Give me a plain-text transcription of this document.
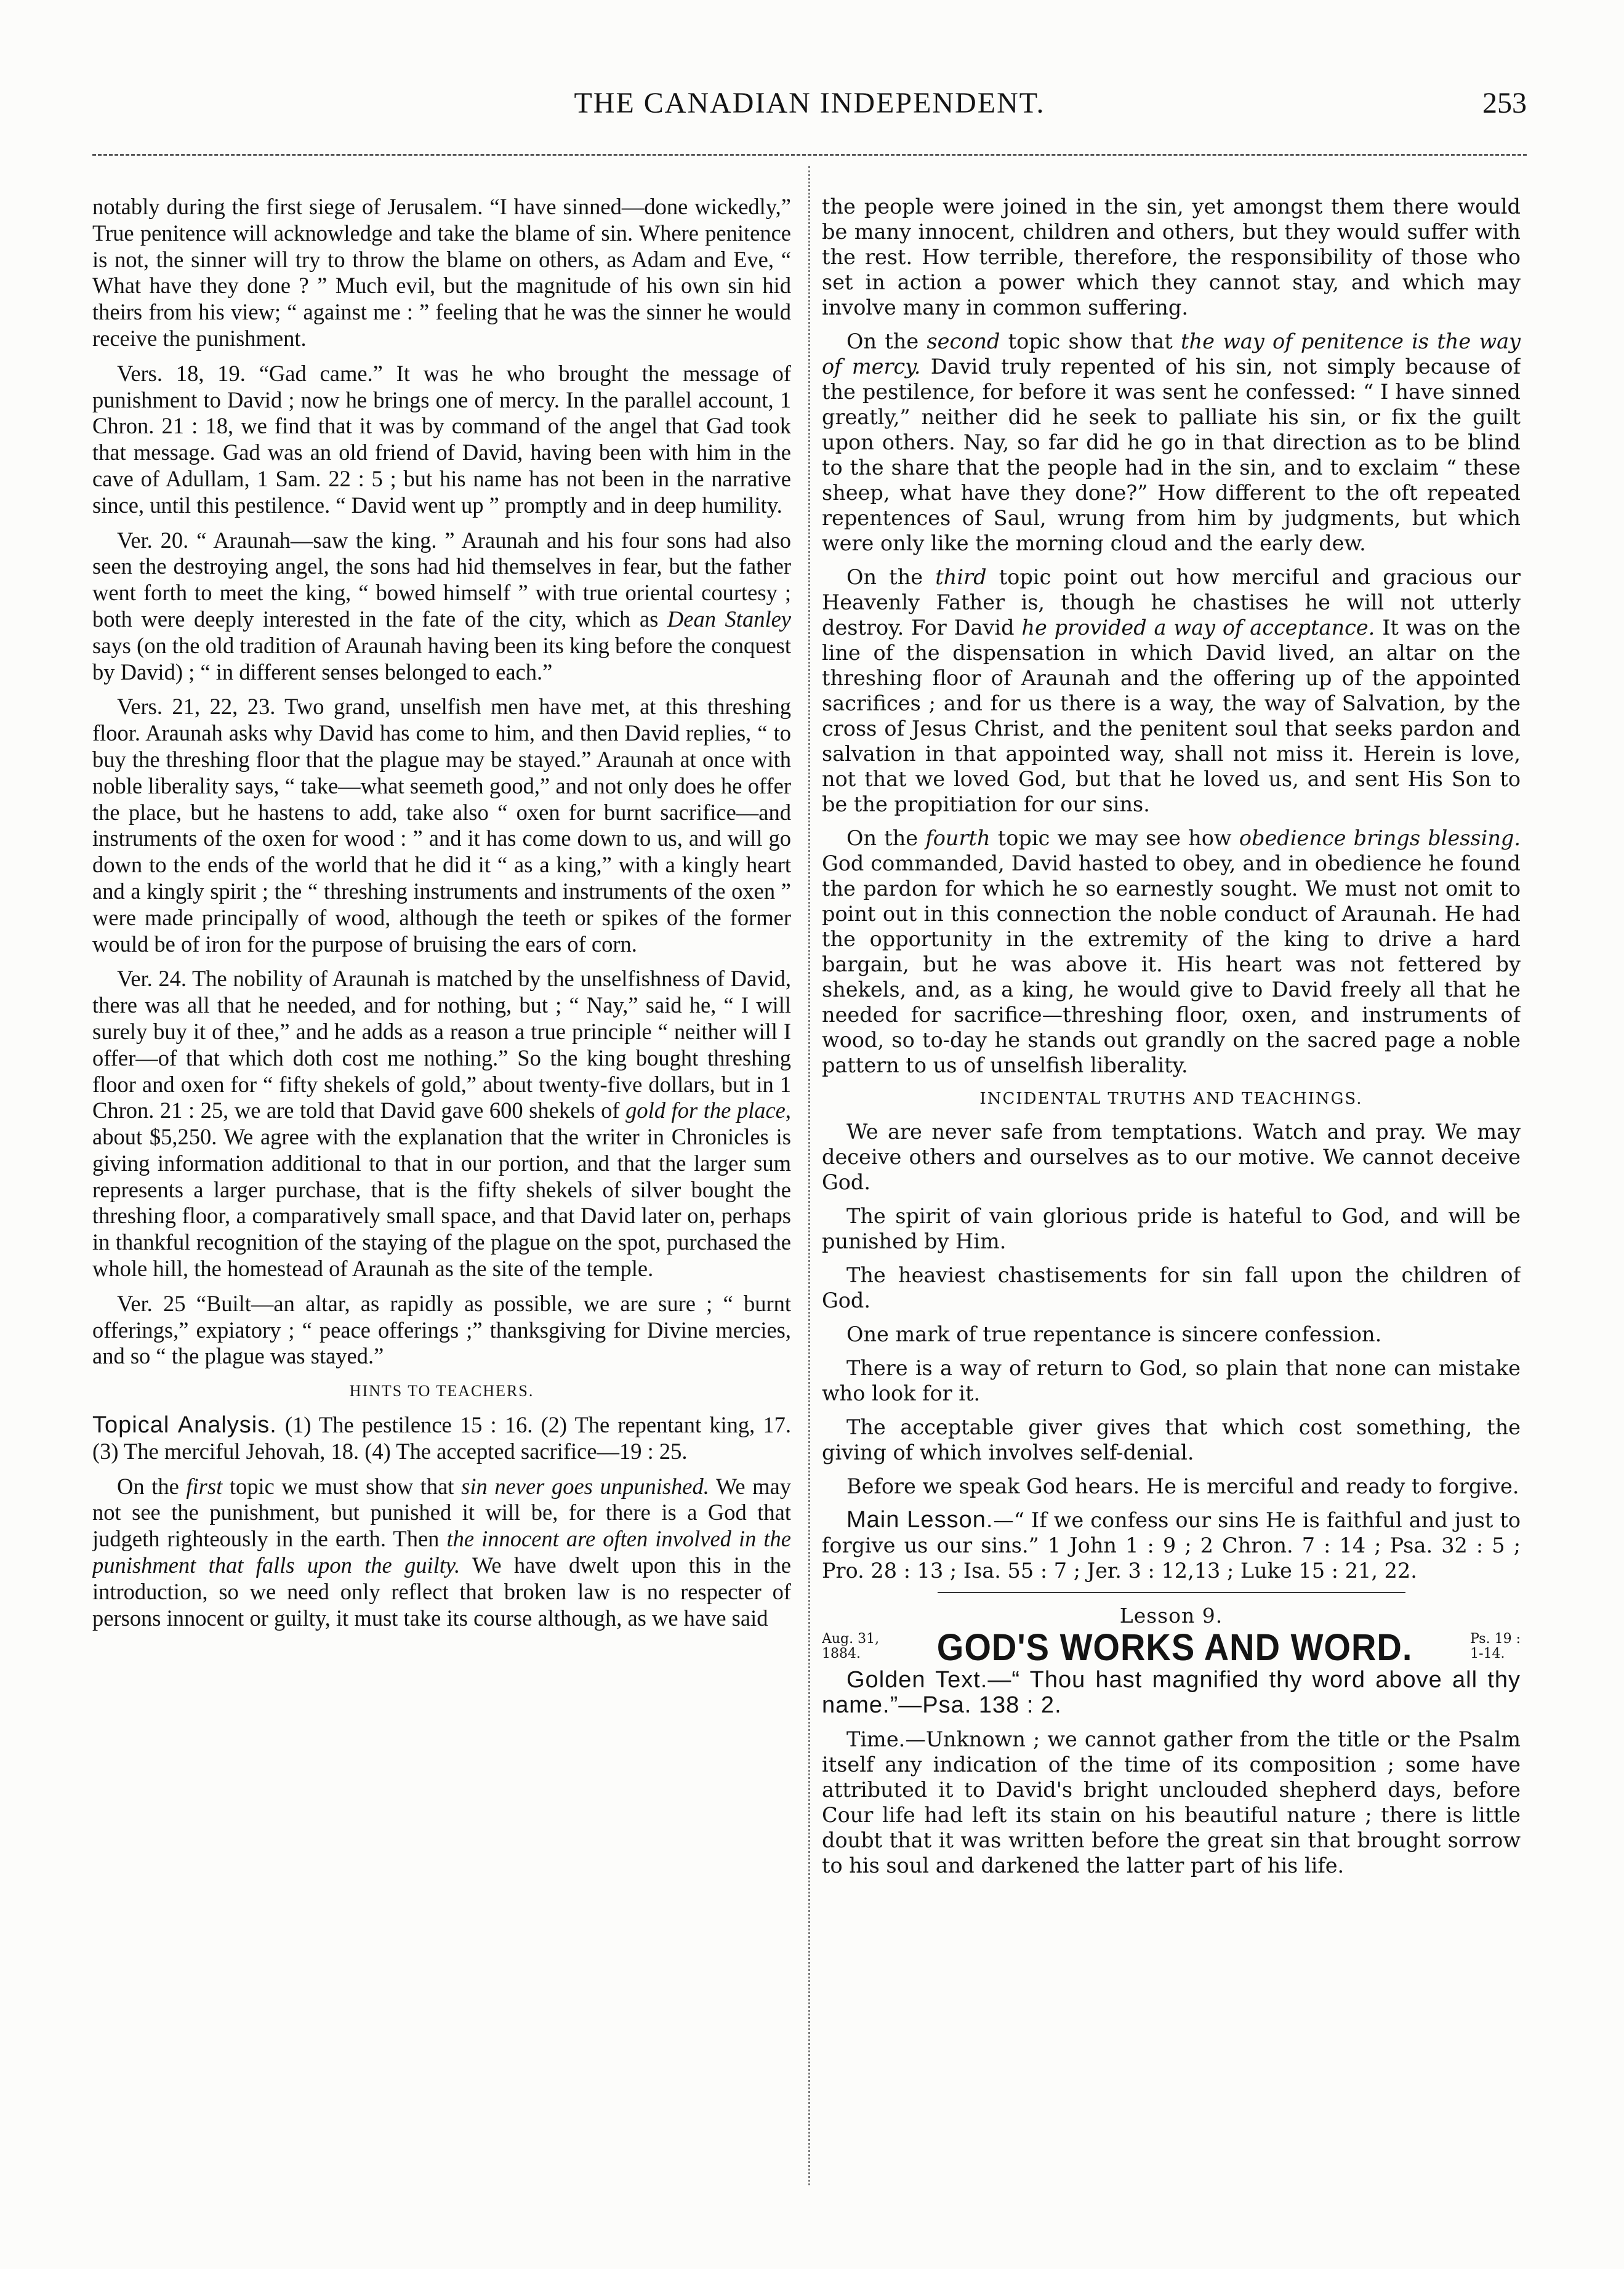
THE CANADIAN INDEPENDENT.	253

notably during the first siege of Jerusalem. “I have sinned—done wickedly,” True penitence will acknowledge and take the blame of sin. Where penitence is not, the sinner will try to throw the blame on others, as Adam and Eve, “ What have they done ? ” Much evil, but the magnitude of his own sin hid theirs from his view; “ against me : ” feeling that he was the sinner he would receive the punishment.

Vers. 18, 19. “Gad came.” It was he who brought the message of punishment to David ; now he brings one of mercy. In the parallel account, 1 Chron. 21 : 18, we find that it was by command of the angel that Gad took that message. Gad was an old friend of David, having been with him in the cave of Adullam, 1 Sam. 22 : 5 ; but his name has not been in the narrative since, until this pestilence. “ David went up ” promptly and in deep humility.

Ver. 20. “ Araunah—saw the king. ” Araunah and his four sons had also seen the destroying angel, the sons had hid themselves in fear, but the father went forth to meet the king, “ bowed himself ” with true oriental courtesy ; both were deeply interested in the fate of the city, which as Dean Stanley says (on the old tradition of Araunah having been its king before the conquest by David) ; “ in different senses belonged to each.”

Vers. 21, 22, 23. Two grand, unselfish men have met, at this threshing floor. Araunah asks why David has come to him, and then David replies, “ to buy the threshing floor that the plague may be stayed.” Araunah at once with noble liberality says, “ take—what seemeth good,” and not only does he offer the place, but he hastens to add, take also “ oxen for burnt sacrifice—and instruments of the oxen for wood : ” and it has come down to us, and will go down to the ends of the world that he did it “ as a king,” with a kingly heart and a kingly spirit ; the “ threshing instruments and instruments of the oxen ” were made principally of wood, although the teeth or spikes of the former would be of iron for the purpose of bruising the ears of corn.

Ver. 24. The nobility of Araunah is matched by the unselfishness of David, there was all that he needed, and for nothing, but ; “ Nay,” said he, “ I will surely buy it of thee,” and he adds as a reason a true principle “ neither will I offer—of that which doth cost me nothing.” So the king bought threshing floor and oxen for “ fifty shekels of gold,” about twenty-five dollars, but in 1 Chron. 21 : 25, we are told that David gave 600 shekels of gold for the place, about $5,250. We agree with the explanation that the writer in Chronicles is giving information additional to that in our portion, and that the larger sum represents a larger purchase, that is the fifty shekels of silver bought the threshing floor, a comparatively small space, and that David later on, perhaps in thankful recognition of the staying of the plague on the spot, purchased the whole hill, the homestead of Araunah as the site of the temple.

Ver. 25 “Built—an altar, as rapidly as possible, we are sure ; “ burnt offerings,” expiatory ; “ peace offerings ;” thanksgiving for Divine mercies, and so “ the plague was stayed.”

HINTS TO TEACHERS.

Topical Analysis. (1) The pestilence 15 : 16. (2) The repentant king, 17. (3) The merciful Jehovah, 18. (4) The accepted sacrifice—19 : 25.

On the first topic we must show that sin never goes unpunished. We may not see the punishment, but punished it will be, for there is a God that judgeth righteously in the earth. Then the innocent are often involved in the punishment that falls upon the guilty. We have dwelt upon this in the introduction, so we need only reflect that broken law is no respecter of persons innocent or guilty, it must take its course although, as we have said

the people were joined in the sin, yet amongst them there would be many innocent, children and others, but they would suffer with the rest. How terrible, therefore, the responsibility of those who set in action a power which they cannot stay, and which may involve many in common suffering.

On the second topic show that the way of penitence is the way of mercy. David truly repented of his sin, not simply because of the pestilence, for before it was sent he confessed: “ I have sinned greatly,” neither did he seek to palliate his sin, or fix the guilt upon others. Nay, so far did he go in that direction as to be blind to the share that the people had in the sin, and to exclaim “ these sheep, what have they done?” How different to the oft repeated repentences of Saul, wrung from him by judgments, but which were only like the morning cloud and the early dew.

On the third topic point out how merciful and gracious our Heavenly Father is, though he chastises he will not utterly destroy. For David he provided a way of acceptance. It was on the line of the dispensation in which David lived, an altar on the threshing floor of Araunah and the offering up of the appointed sacrifices ; and for us there is a way, the way of Salvation, by the cross of Jesus Christ, and the penitent soul that seeks pardon and salvation in that appointed way, shall not miss it. Herein is love, not that we loved God, but that he loved us, and sent His Son to be the propitiation for our sins.

On the fourth topic we may see how obedience brings blessing. God commanded, David hasted to obey, and in obedience he found the pardon for which he so earnestly sought. We must not omit to point out in this connection the noble conduct of Araunah. He had the opportunity in the extremity of the king to drive a hard bargain, but he was above it. His heart was not fettered by shekels, and, as a king, he would give to David freely all that he needed for sacrifice—threshing floor, oxen, and instruments of wood, so to-day he stands out grandly on the sacred page a noble pattern to us of unselfish liberality.

INCIDENTAL TRUTHS AND TEACHINGS.

We are never safe from temptations. Watch and pray. We may deceive others and ourselves as to our motive. We cannot deceive God.

The spirit of vain glorious pride is hateful to God, and will be punished by Him.

The heaviest chastisements for sin fall upon the children of God.

One mark of true repentance is sincere confession.

There is a way of return to God, so plain that none can mistake who look for it.

The acceptable giver gives that which cost something, the giving of which involves self-denial.

Before we speak God hears. He is merciful and ready to forgive.

Main Lesson.—“ If we confess our sins He is faithful and just to forgive us our sins.” 1 John 1 : 9 ; 2 Chron. 7 : 14 ; Psa. 32 : 5 ; Pro. 28 : 13 ; Isa. 55 : 7 ; Jer. 3 : 12,13 ; Luke 15 : 21, 22.

Lesson 9.
Aug. 31,
1884.	GOD'S WORKS AND WORD.	Ps. 19 :
1-14.

Golden Text.—“ Thou hast magnified thy word above all thy name.”—Psa. 138 : 2.

Time.—Unknown ; we cannot gather from the title or the Psalm itself any indication of the time of its composition ; some have attributed it to David's bright unclouded shepherd days, before Cour life had left its stain on his beautiful nature ; there is little doubt that it was written before the great sin that brought sorrow to his soul and darkened the latter part of his life.
